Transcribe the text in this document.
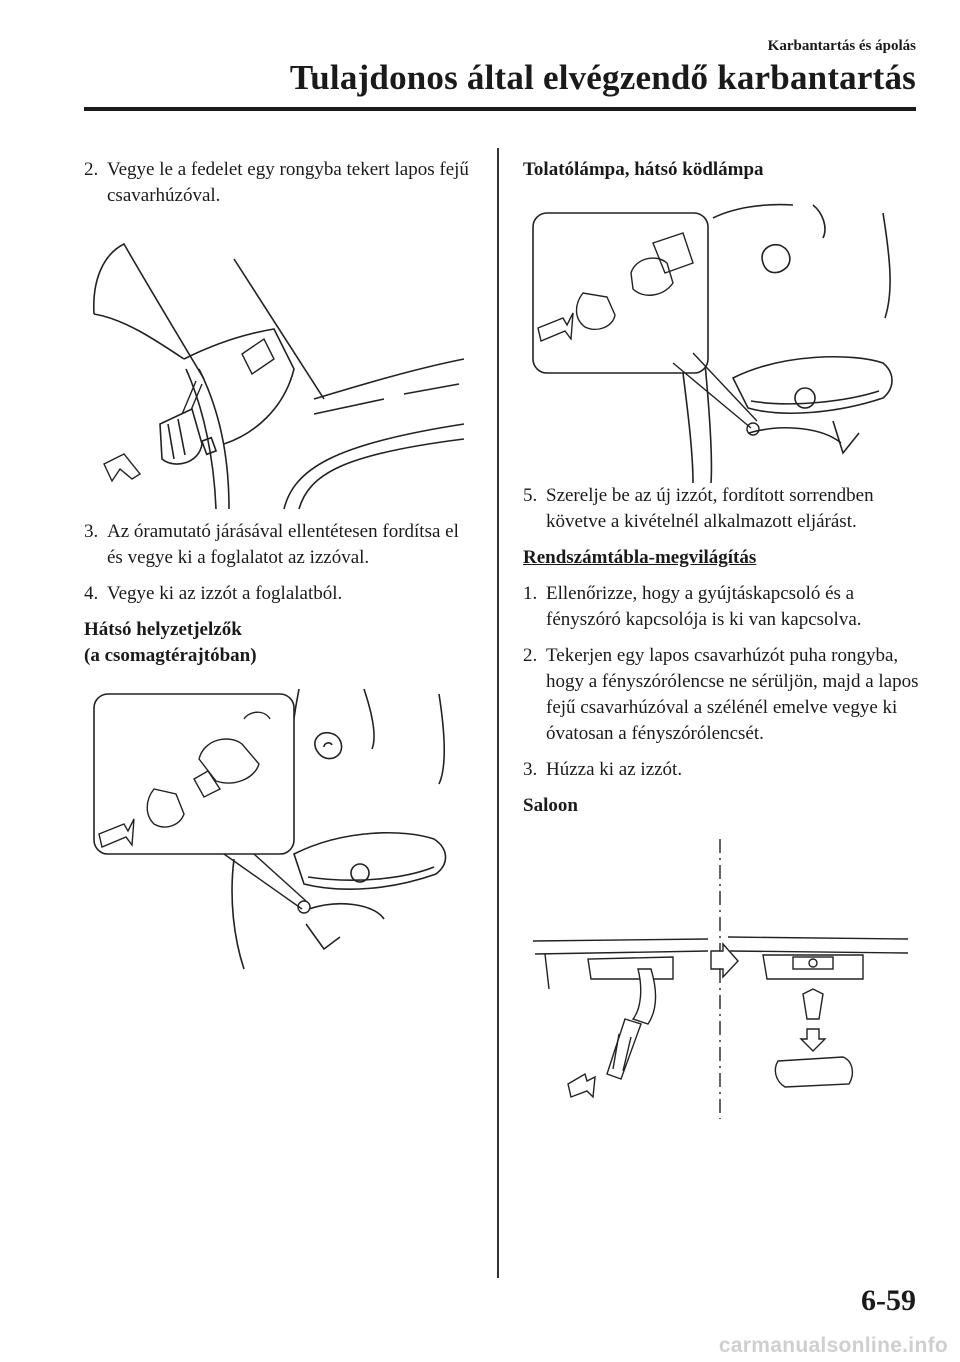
Karbantartás és ápolás
Tulajdonos által elvégzendő karbantartás
2. Vegye le a fedelet egy rongyba tekert lapos fejű csavarhúzóval.
3. Az óramutató járásával ellentétesen fordítsa el és vegye ki a foglalatot az izzóval.
4. Vegye ki az izzót a foglalatból.
Hátsó helyzetjelzők
(a csomagtérajtóban)
Tolatólámpa, hátsó ködlámpa
5. Szerelje be az új izzót, fordított sorrendben követve a kivételnél alkalmazott eljárást.
Rendszámtábla-megvilágítás
1. Ellenőrizze, hogy a gyújtáskapcsoló és a fényszóró kapcsolója is ki van kapcsolva.
2. Tekerjen egy lapos csavarhúzót puha rongyba, hogy a fényszórólencse ne sérüljön, majd a lapos fejű csavarhúzóval a szélénél emelve vegye ki óvatosan a fényszórólencsét.
3. Húzza ki az izzót.
Saloon
6-59
carmanualsonline.info
